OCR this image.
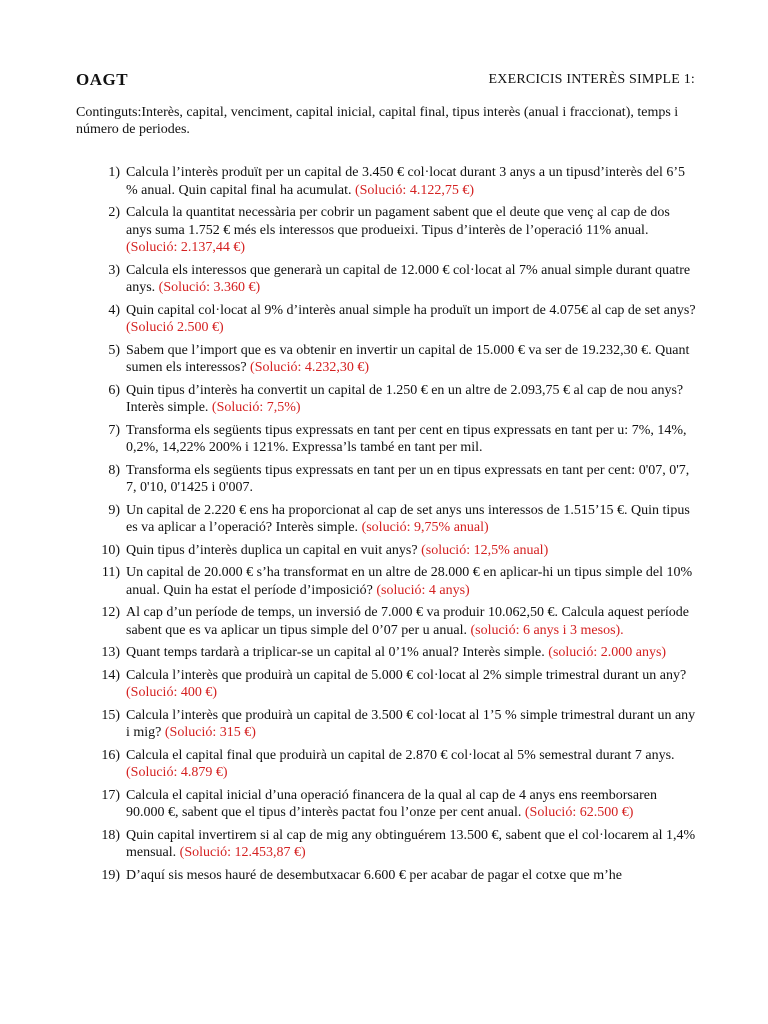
OAGT	EXERCICIS INTERÈS SIMPLE 1:
Continguts:Interès, capital, venciment, capital inicial, capital final, tipus interès (anual i fraccionat), temps i número de periodes.
1) Calcula l’interès produït per un capital de 3.450 € col·locat durant 3 anys a un tipusd’interès del 6’5 % anual. Quin capital final ha acumulat. (Solució: 4.122,75 €)
2) Calcula la quantitat necessària per cobrir un pagament sabent que el deute que venç al cap de dos anys suma 1.752 € més els interessos que produeixi. Tipus d’interès de l’operació 11% anual. (Solució: 2.137,44 €)
3) Calcula els interessos que generarà un capital de 12.000 € col·locat al 7% anual simple durant quatre anys. (Solució: 3.360 €)
4) Quin capital col·locat al 9% d’interès anual simple ha produït un import de 4.075€ al cap de set anys? (Solució 2.500 €)
5) Sabem que l’import que es va obtenir en invertir un capital de 15.000 € va ser de 19.232,30 €. Quant sumen els interessos? (Solució: 4.232,30 €)
6) Quin tipus d’interès ha convertit un capital de 1.250 € en un altre de 2.093,75 € al cap de nou anys? Interès simple. (Solució: 7,5%)
7) Transforma els següents tipus expressats en tant per cent en tipus expressats en tant per u: 7%, 14%, 0,2%, 14,22% 200% i 121%. Expressa’ls també en tant per mil.
8) Transforma els següents tipus expressats en tant per un en tipus expressats en tant per cent: 0'07, 0'7, 7, 0'10, 0'1425 i 0'007.
9) Un capital de 2.220 € ens ha proporcionat al cap de set anys uns interessos de 1.515’15 €. Quin tipus es va aplicar a l’operació? Interès simple. (solució: 9,75% anual)
10) Quin tipus d’interès duplica un capital en vuit anys? (solució: 12,5% anual)
11) Un capital de 20.000 € s’ha transformat en un altre de 28.000 € en aplicar-hi un tipus simple del 10% anual. Quin ha estat el període d’imposició? (solució: 4 anys)
12) Al cap d’un període de temps, un inversió de 7.000 € va produir 10.062,50 €. Calcula aquest període sabent que es va aplicar un tipus simple del 0’07 per u anual. (solució: 6 anys i 3 mesos).
13) Quant temps tardarà a triplicar-se un capital al 0’1% anual? Interès simple. (solució: 2.000 anys)
14) Calcula l’interès que produirà un capital de 5.000 € col·locat al 2% simple trimestral durant un any? (Solució: 400 €)
15) Calcula l’interès que produirà un capital de 3.500 € col·locat al 1’5 % simple trimestral durant un any i mig? (Solució: 315 €)
16) Calcula el capital final que produirà un capital de 2.870 € col·locat al 5% semestral durant 7 anys. (Solució: 4.879 €)
17) Calcula el capital inicial d’una operació financera de la qual al cap de 4 anys ens reemborsaren 90.000 €, sabent que el tipus d’interès pactat fou l’onze per cent anual. (Solució: 62.500 €)
18) Quin capital invertirem si al cap de mig any obtinguérem 13.500 €, sabent que el col·locarem al 1,4% mensual. (Solució: 12.453,87 €)
19) D’aquí sis mesos hauré de desembutxacar 6.600 € per acabar de pagar el cotxe que m’he
